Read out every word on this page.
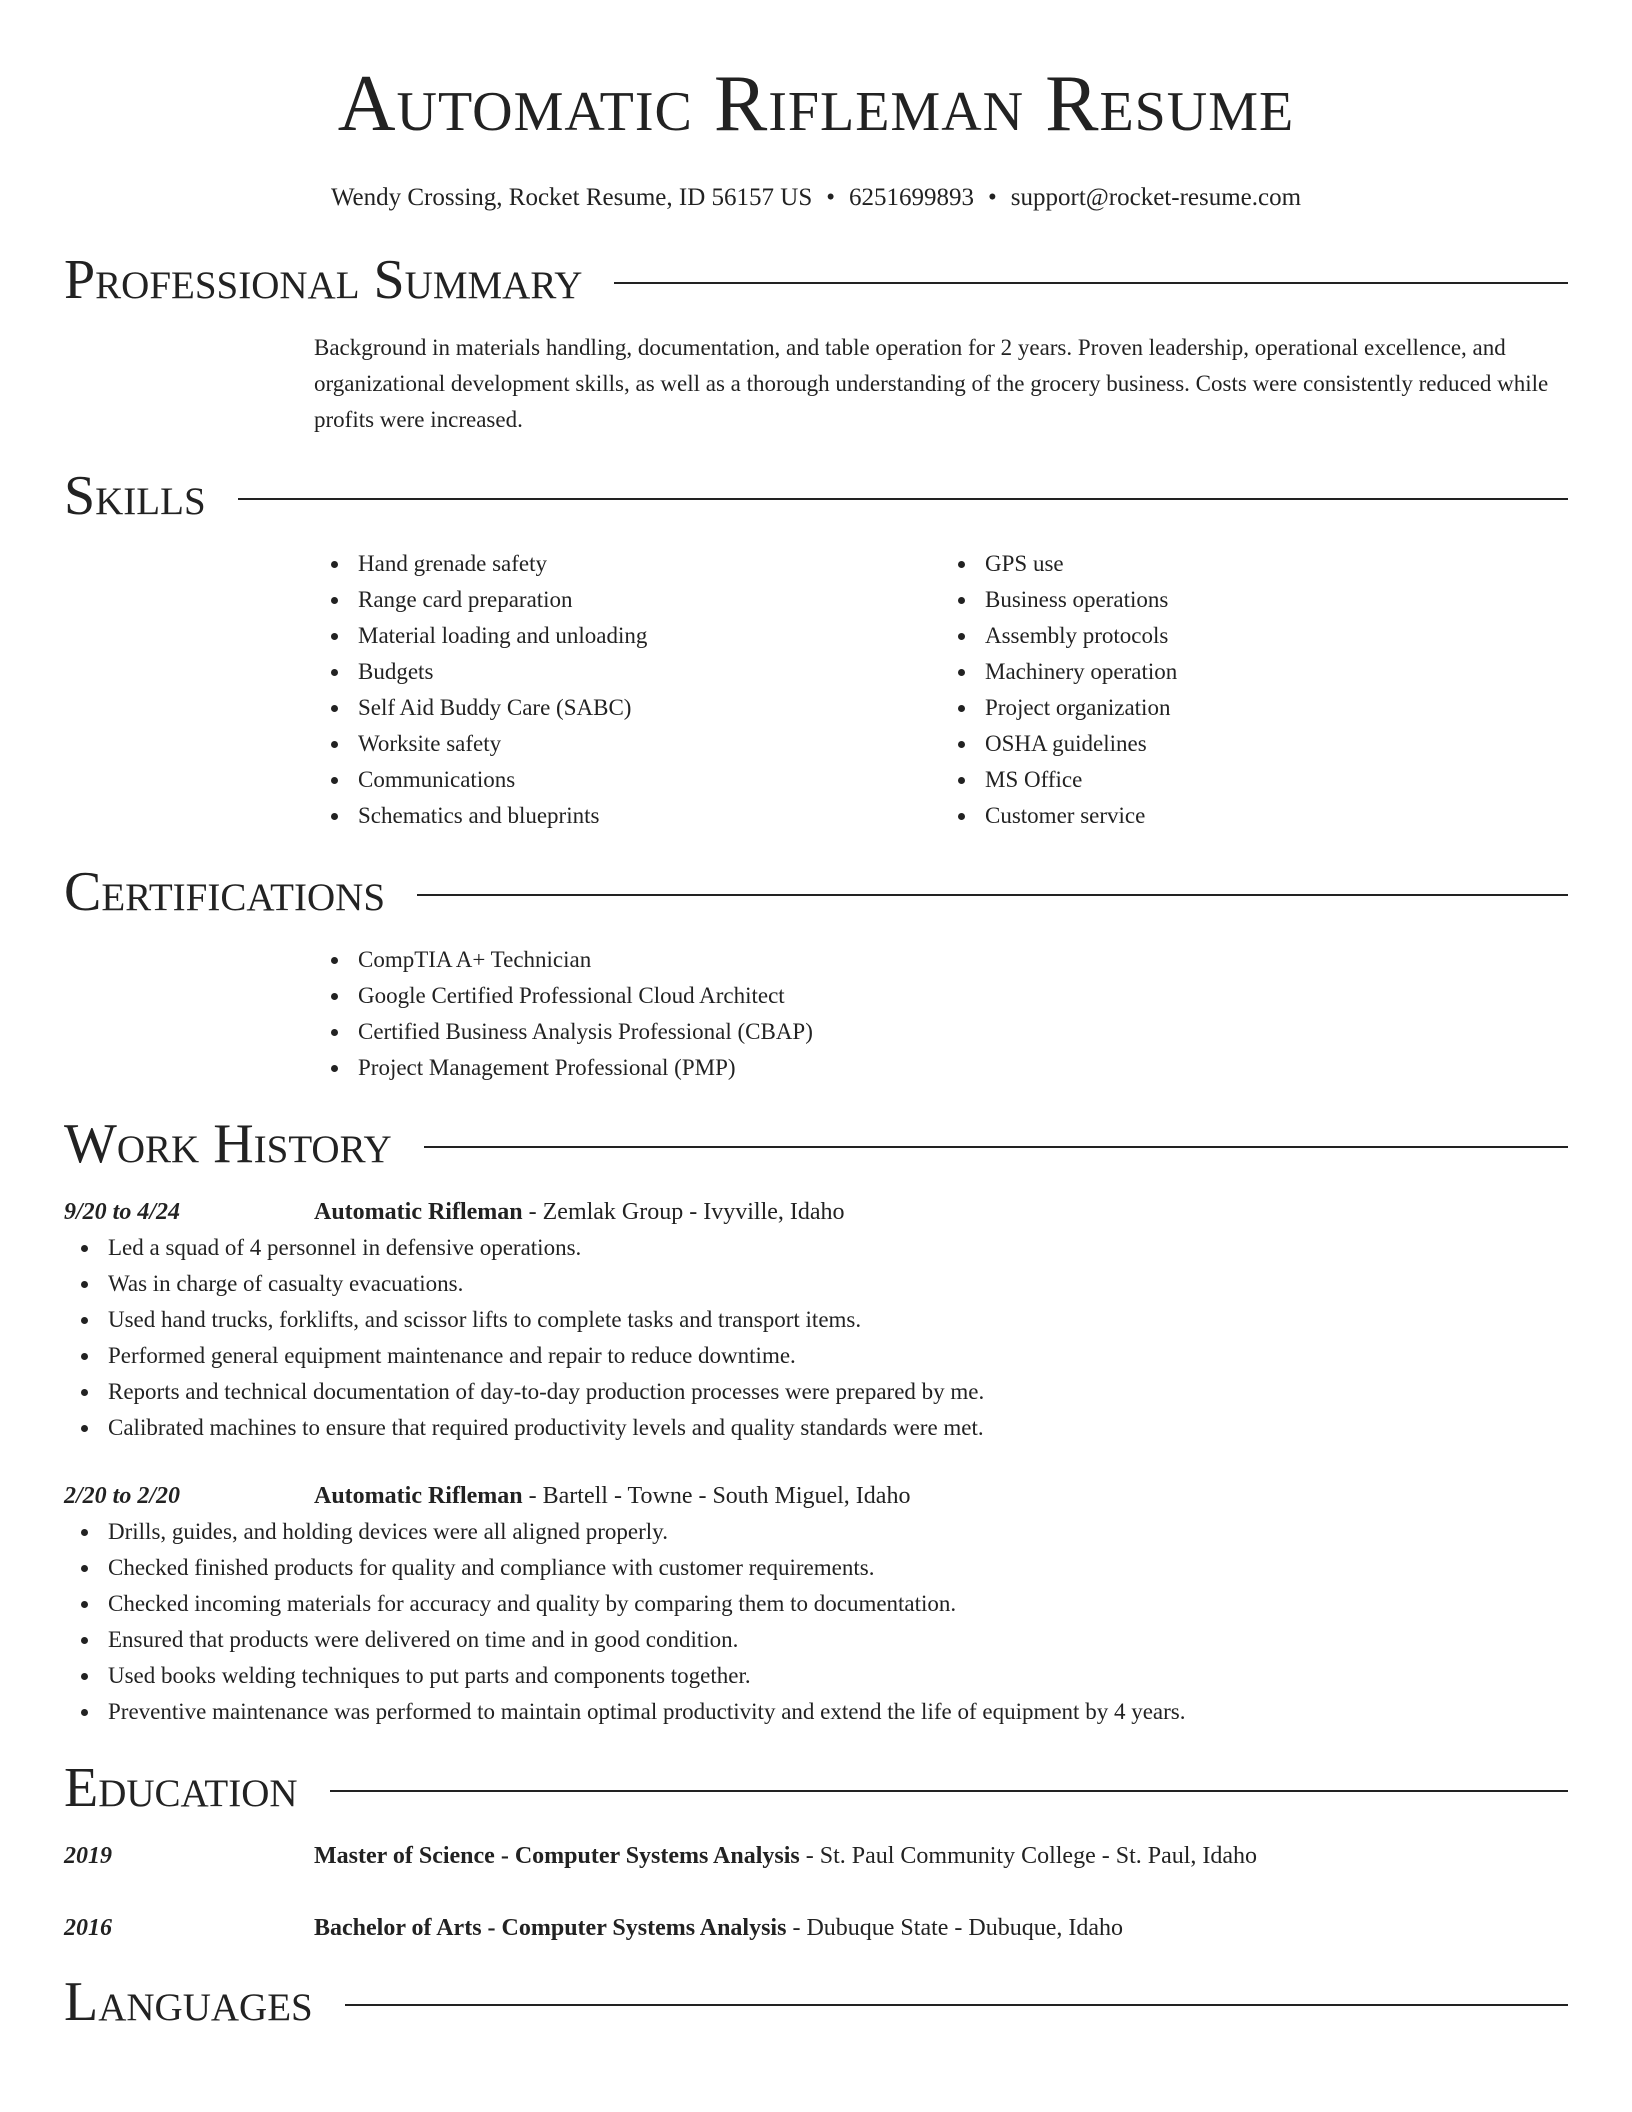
Automatic Rifleman Resume
Wendy Crossing, Rocket Resume, ID 56157 US • 6251699893 • support@rocket-resume.com
Professional Summary
Background in materials handling, documentation, and table operation for 2 years. Proven leadership, operational excellence, and organizational development skills, as well as a thorough understanding of the grocery business. Costs were consistently reduced while profits were increased.
Skills
Hand grenade safety
Range card preparation
Material loading and unloading
Budgets
Self Aid Buddy Care (SABC)
Worksite safety
Communications
Schematics and blueprints
GPS use
Business operations
Assembly protocols
Machinery operation
Project organization
OSHA guidelines
MS Office
Customer service
Certifications
CompTIA A+ Technician
Google Certified Professional Cloud Architect
Certified Business Analysis Professional (CBAP)
Project Management Professional (PMP)
Work History
9/20 to 4/24	Automatic Rifleman - Zemlak Group - Ivyville, Idaho
Led a squad of 4 personnel in defensive operations.
Was in charge of casualty evacuations.
Used hand trucks, forklifts, and scissor lifts to complete tasks and transport items.
Performed general equipment maintenance and repair to reduce downtime.
Reports and technical documentation of day-to-day production processes were prepared by me.
Calibrated machines to ensure that required productivity levels and quality standards were met.
2/20 to 2/20	Automatic Rifleman - Bartell - Towne - South Miguel, Idaho
Drills, guides, and holding devices were all aligned properly.
Checked finished products for quality and compliance with customer requirements.
Checked incoming materials for accuracy and quality by comparing them to documentation.
Ensured that products were delivered on time and in good condition.
Used books welding techniques to put parts and components together.
Preventive maintenance was performed to maintain optimal productivity and extend the life of equipment by 4 years.
Education
2019	Master of Science - Computer Systems Analysis - St. Paul Community College - St. Paul, Idaho
2016	Bachelor of Arts - Computer Systems Analysis - Dubuque State - Dubuque, Idaho
Languages
